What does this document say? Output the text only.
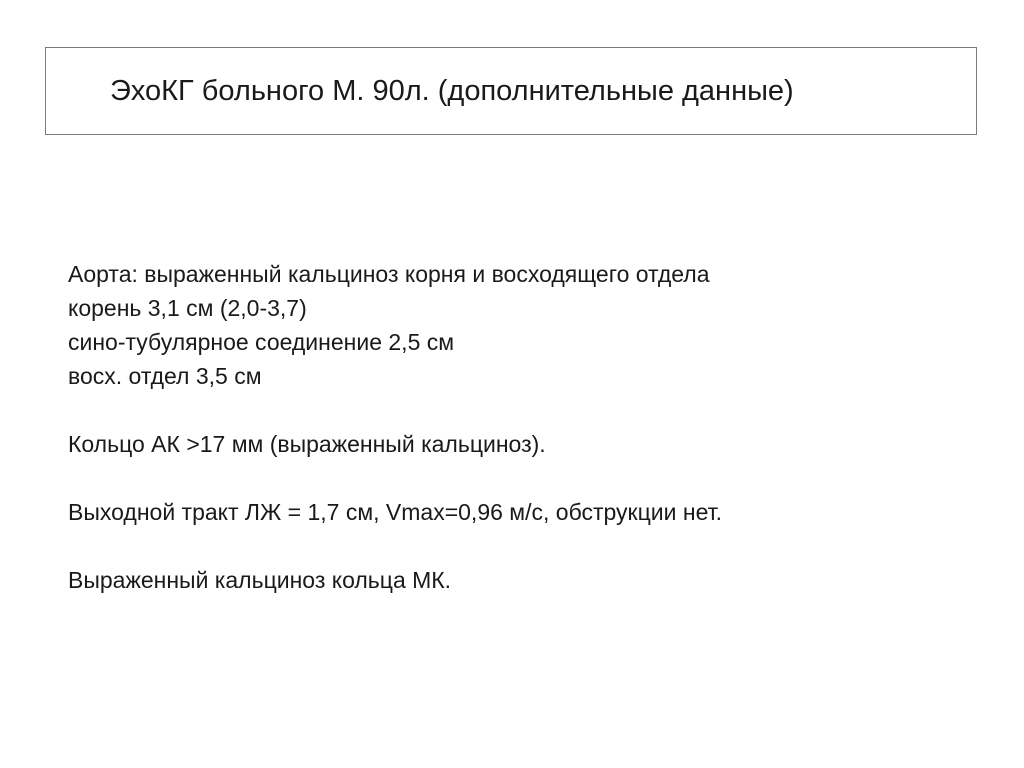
ЭхоКГ больного М. 90л. (дополнительные данные)
Аорта: выраженный кальциноз корня и восходящего отдела
корень 3,1 см (2,0-3,7)
сино-тубулярное соединение 2,5 см
восх. отдел 3,5 см
Кольцо АК >17 мм (выраженный кальциноз).
Выходной тракт ЛЖ = 1,7 см, Vmax=0,96 м/с, обструкции нет.
Выраженный кальциноз кольца МК.
